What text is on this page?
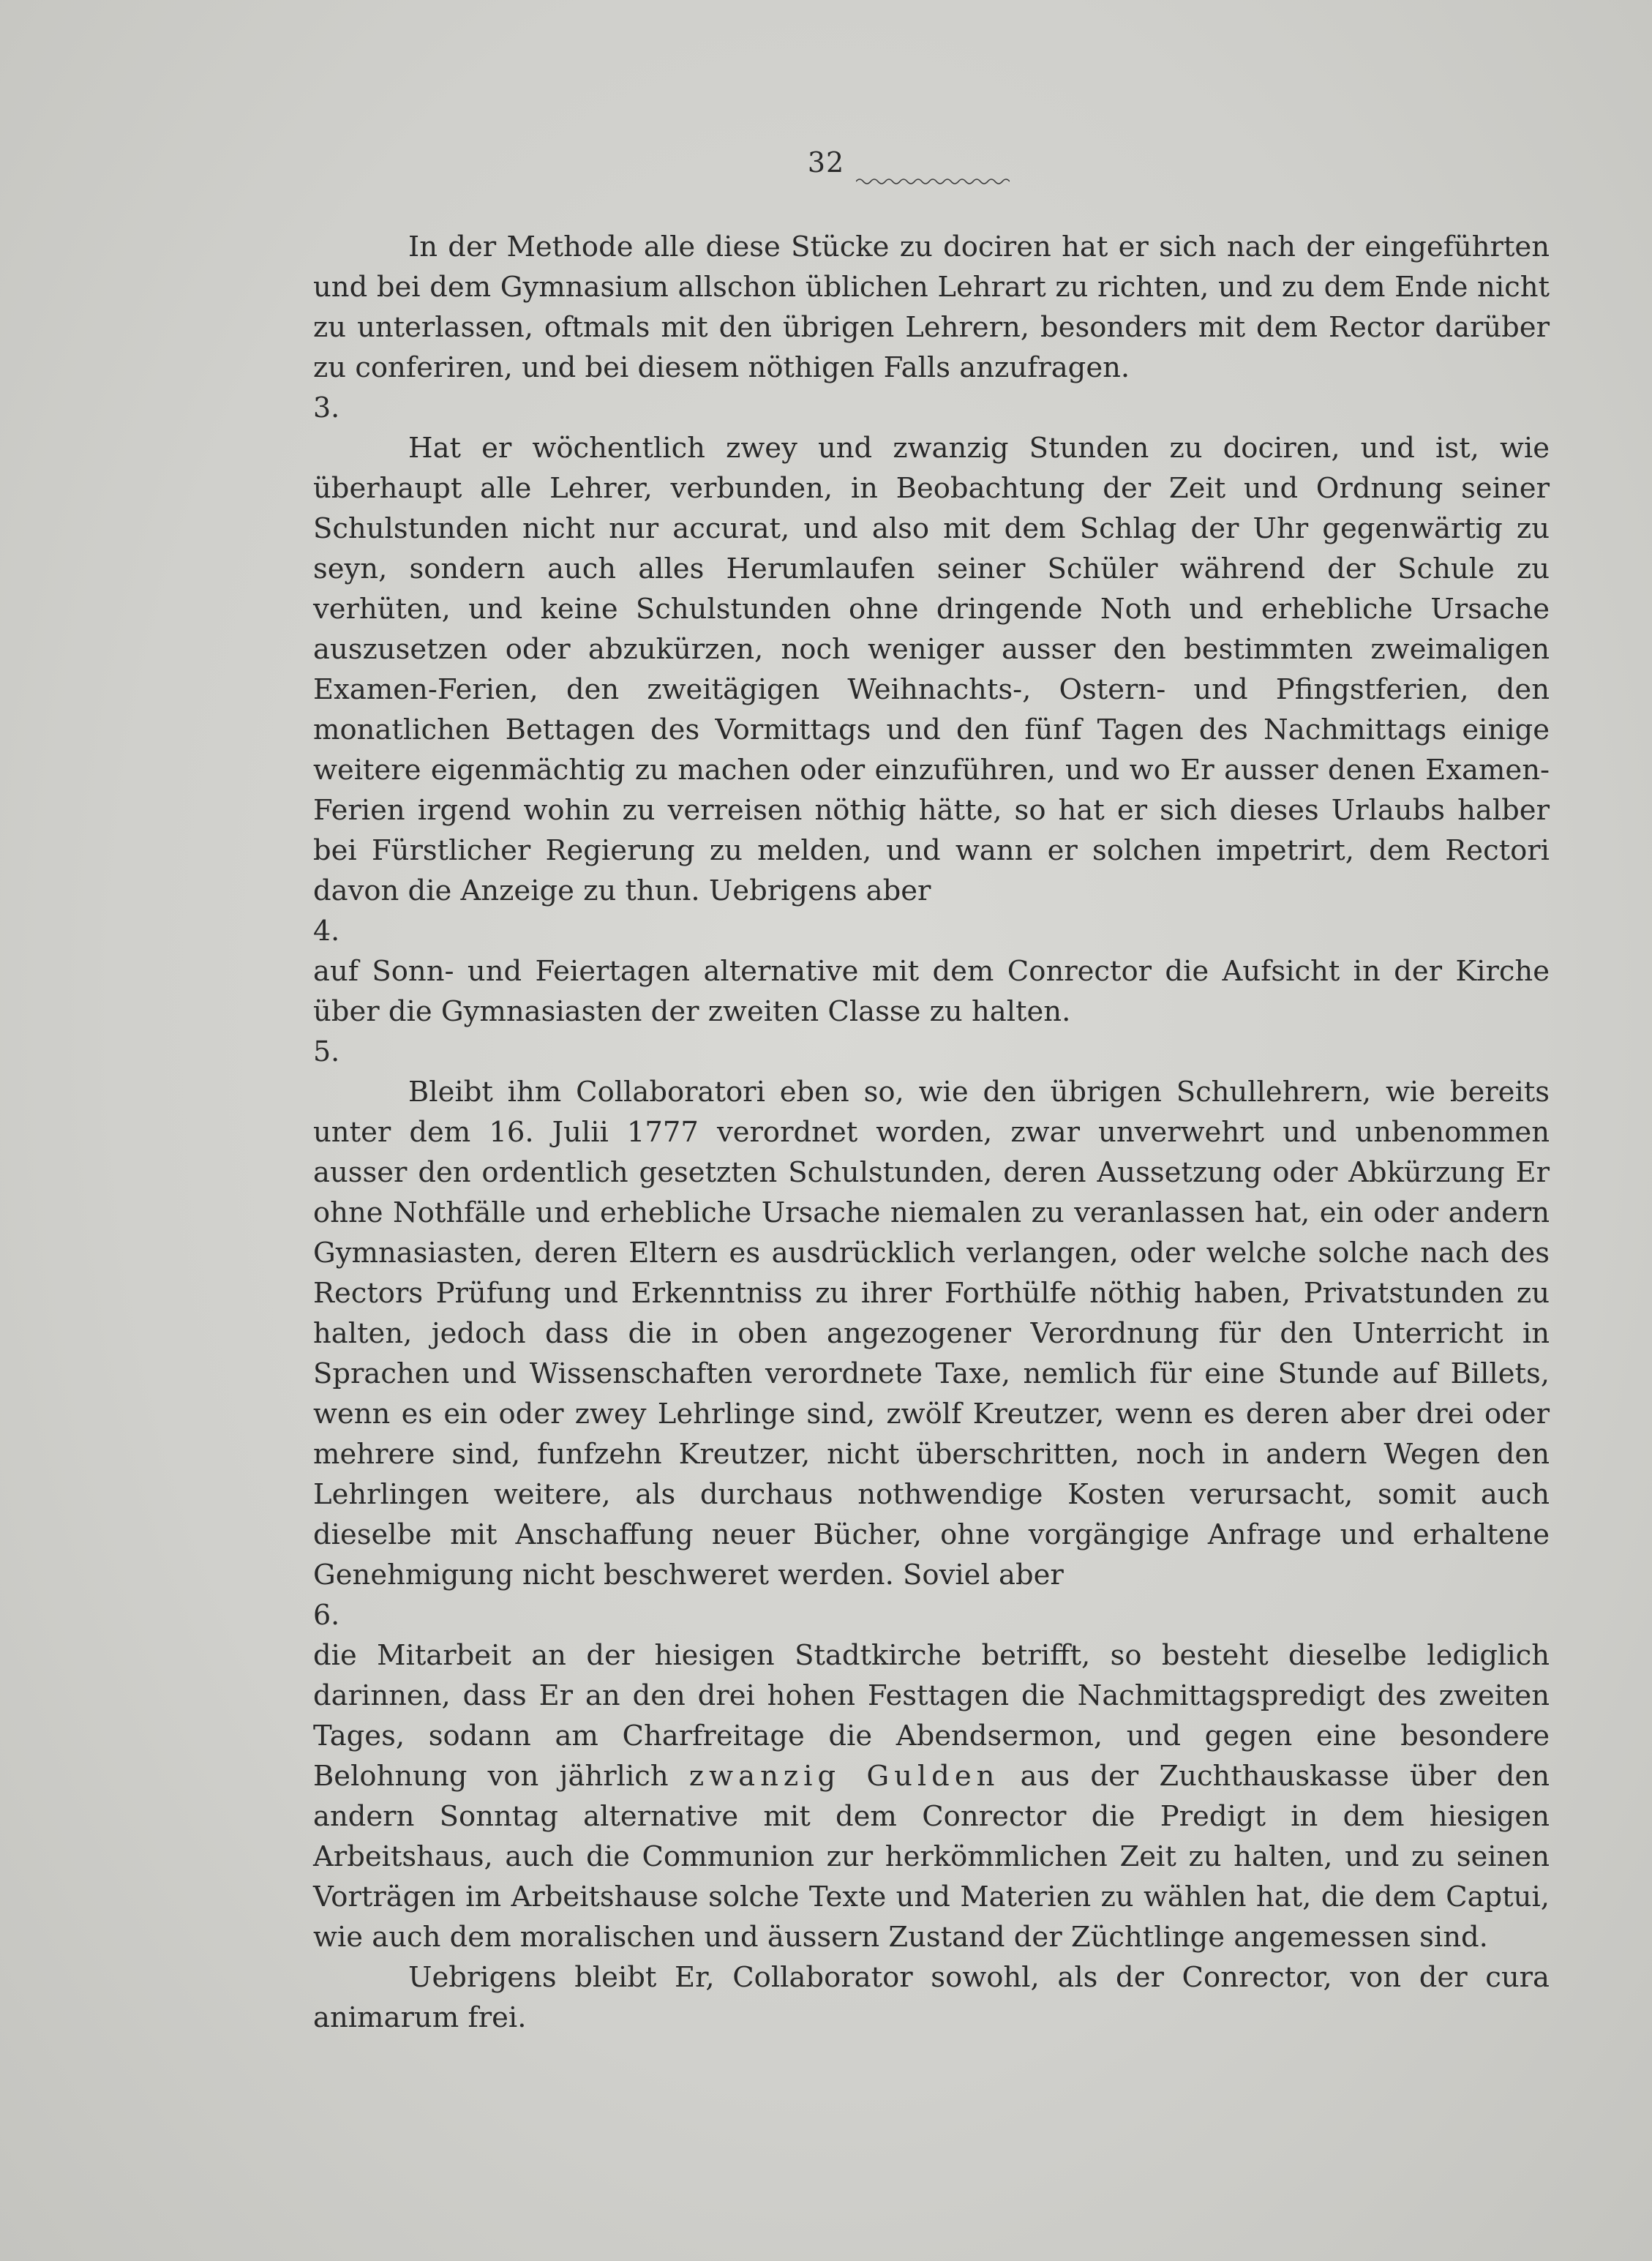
32

In der Methode alle diese Stücke zu dociren hat er sich nach der eingeführten und bei dem Gymnasium allschon üblichen Lehrart zu richten, und zu dem Ende nicht zu unterlassen, oftmals mit den übrigen Lehrern, besonders mit dem Rector darüber zu conferiren, und bei diesem nöthigen Falls anzufragen.

3.

Hat er wöchentlich zwey und zwanzig Stunden zu dociren, und ist, wie überhaupt alle Lehrer, verbunden, in Beobachtung der Zeit und Ordnung seiner Schulstunden nicht nur accurat, und also mit dem Schlag der Uhr gegenwärtig zu seyn, sondern auch alles Herumlaufen seiner Schüler während der Schule zu verhüten, und keine Schulstunden ohne dringende Noth und erhebliche Ursache auszusetzen oder abzukürzen, noch weniger ausser den bestimmten zweimaligen Examen-Ferien, den zweitägigen Weihnachts-, Ostern- und Pfingstferien, den monatlichen Bettagen des Vormittags und den fünf Tagen des Nachmittags einige weitere eigenmächtig zu machen oder einzuführen, und wo Er ausser denen Examen-Ferien irgend wohin zu verreisen nöthig hätte, so hat er sich dieses Urlaubs halber bei Fürstlicher Regierung zu melden, und wann er solchen impetrirt, dem Rectori davon die Anzeige zu thun. Uebrigens aber

4.

auf Sonn- und Feiertagen alternative mit dem Conrector die Aufsicht in der Kirche über die Gymnasiasten der zweiten Classe zu halten.

5.

Bleibt ihm Collaboratori eben so, wie den übrigen Schullehrern, wie bereits unter dem 16. Julii 1777 verordnet worden, zwar unverwehrt und unbenommen ausser den ordentlich gesetzten Schulstunden, deren Aussetzung oder Abkürzung Er ohne Nothfälle und erhebliche Ursache niemalen zu veranlassen hat, ein oder andern Gymnasiasten, deren Eltern es ausdrücklich verlangen, oder welche solche nach des Rectors Prüfung und Erkenntniss zu ihrer Forthülfe nöthig haben, Privatstunden zu halten, jedoch dass die in oben angezogener Verordnung für den Unterricht in Sprachen und Wissenschaften verordnete Taxe, nemlich für eine Stunde auf Billets, wenn es ein oder zwey Lehrlinge sind, zwölf Kreutzer, wenn es deren aber drei oder mehrere sind, funfzehn Kreutzer, nicht überschritten, noch in andern Wegen den Lehrlingen weitere, als durchaus nothwendige Kosten verursacht, somit auch dieselbe mit Anschaffung neuer Bücher, ohne vorgängige Anfrage und erhaltene Genehmigung nicht beschweret werden. Soviel aber

6.

die Mitarbeit an der hiesigen Stadtkirche betrifft, so besteht dieselbe lediglich darinnen, dass Er an den drei hohen Festtagen die Nachmittagspredigt des zweiten Tages, sodann am Charfreitage die Abendsermon, und gegen eine besondere Belohnung von jährlich zwanzig Gulden aus der Zuchthauskasse über den andern Sonntag alternative mit dem Conrector die Predigt in dem hiesigen Arbeitshaus, auch die Communion zur herkömmlichen Zeit zu halten, und zu seinen Vorträgen im Arbeitshause solche Texte und Materien zu wählen hat, die dem Captui, wie auch dem moralischen und äussern Zustand der Züchtlinge angemessen sind.

Uebrigens bleibt Er, Collaborator sowohl, als der Conrector, von der cura animarum frei.
